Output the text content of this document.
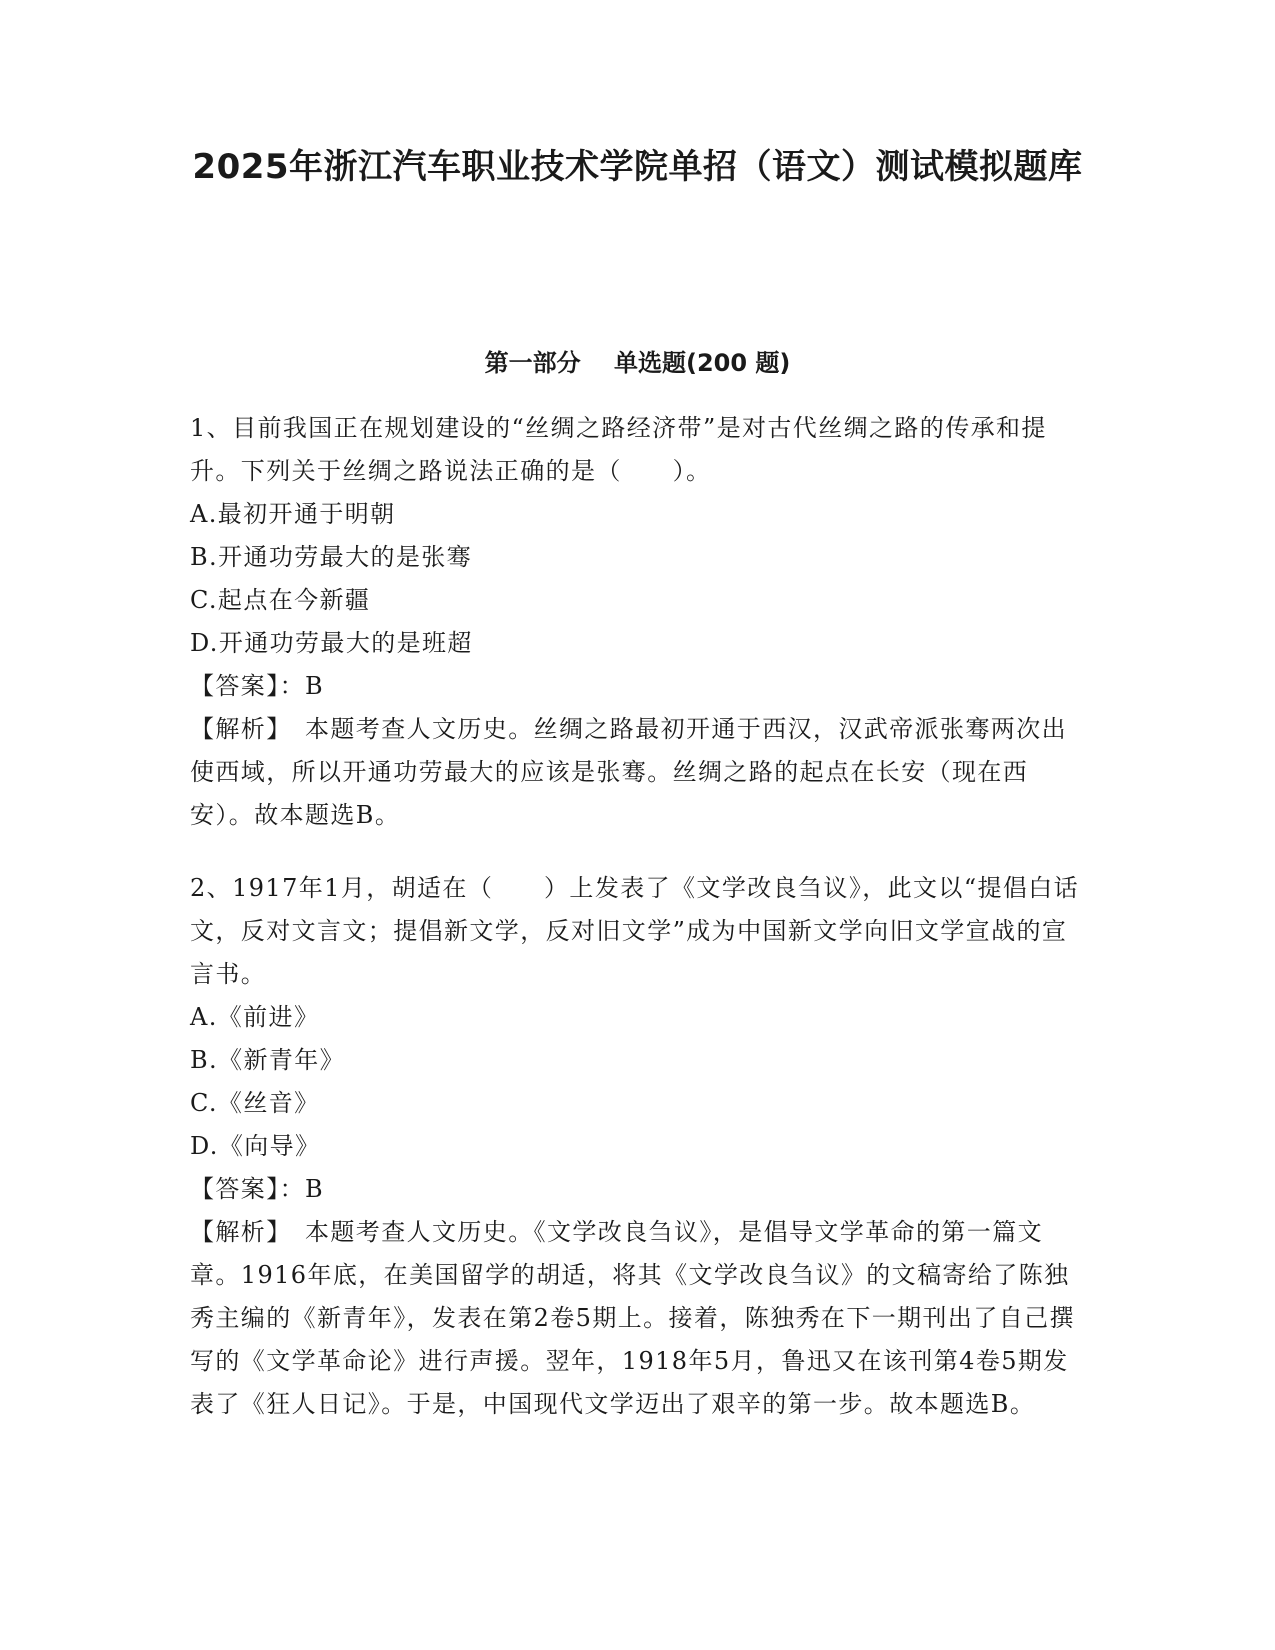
2025年浙江汽车职业技术学院单招（语文）测试模拟题库
第一部分    单选题(200 题)

1、目前我国正在规划建设的“丝绸之路经济带”是对古代丝绸之路的传承和提升。下列关于丝绸之路说法正确的是（　　）。

A.最初开通于明朝

B.开通功劳最大的是张骞

C.起点在今新疆

D.开通功劳最大的是班超

【答案】：B

【解析】　本题考查人文历史。丝绸之路最初开通于西汉，汉武帝派张骞两次出使西域，所以开通功劳最大的应该是张骞。丝绸之路的起点在长安（现在西安）。故本题选B。

2、1917年1月，胡适在（　　）上发表了《文学改良刍议》，此文以“提倡白话文，反对文言文；提倡新文学，反对旧文学”成为中国新文学向旧文学宣战的宣言书。

A.《前进》

B.《新青年》

C.《丝音》

D.《向导》

【答案】：B

【解析】　本题考查人文历史。《文学改良刍议》，是倡导文学革命的第一篇文章。1916年底，在美国留学的胡适，将其《文学改良刍议》的文稿寄给了陈独秀主编的《新青年》，发表在第2卷5期上。接着，陈独秀在下一期刊出了自己撰写的《文学革命论》进行声援。翌年，1918年5月，鲁迅又在该刊第4卷5期发表了《狂人日记》。于是，中国现代文学迈出了艰辛的第一步。故本题选B。
